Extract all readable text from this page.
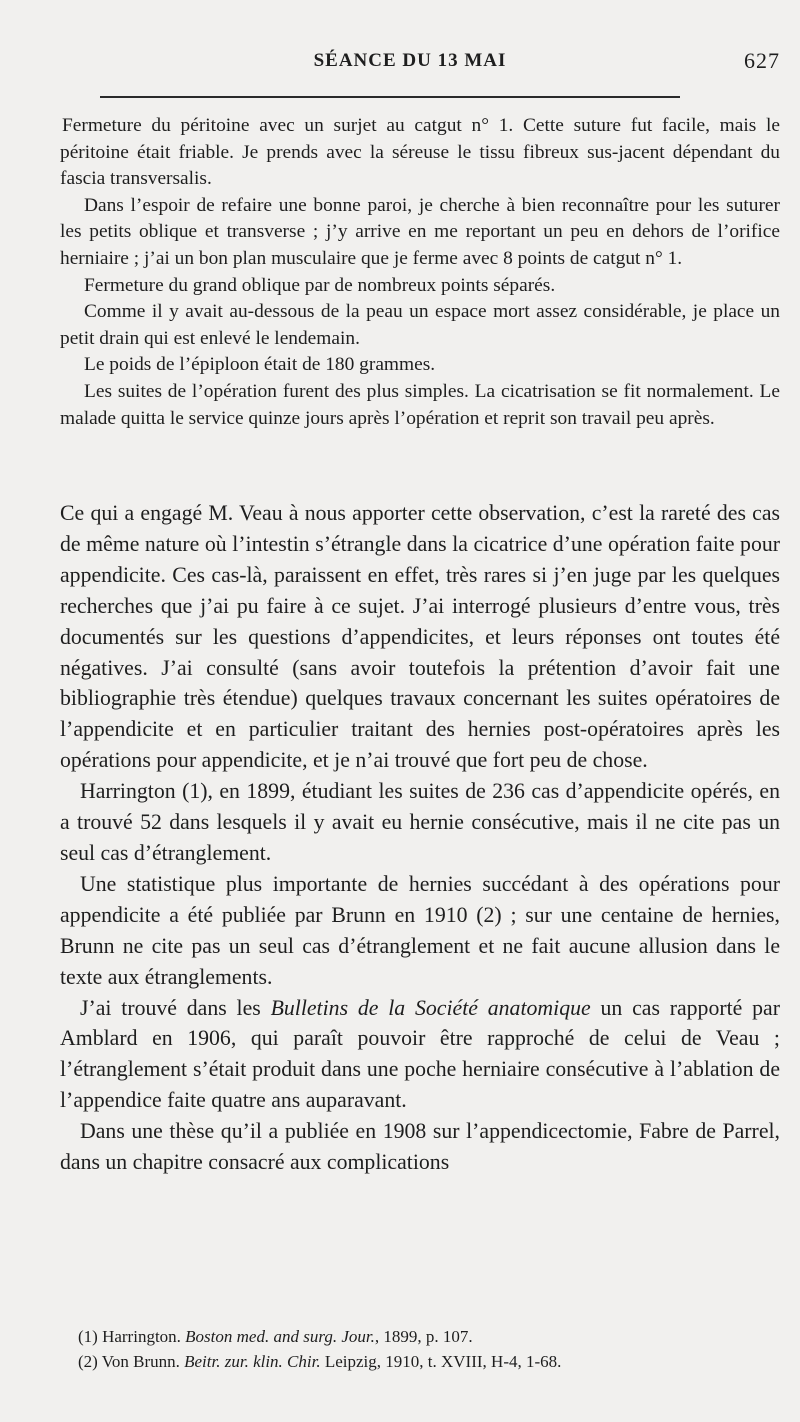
SÉANCE DU 13 MAI	627

Fermeture du péritoine avec un surjet au catgut n° 1. Cette suture fut facile, mais le péritoine était friable. Je prends avec la séreuse le tissu fibreux sus-jacent dépendant du fascia transversalis.

Dans l’espoir de refaire une bonne paroi, je cherche à bien reconnaître pour les suturer les petits oblique et transverse ; j’y arrive en me reportant un peu en dehors de l’orifice herniaire ; j’ai un bon plan musculaire que je ferme avec 8 points de catgut n° 1.

Fermeture du grand oblique par de nombreux points séparés.

Comme il y avait au-dessous de la peau un espace mort assez considérable, je place un petit drain qui est enlevé le lendemain.

Le poids de l’épiploon était de 180 grammes.

Les suites de l’opération furent des plus simples. La cicatrisation se fit normalement. Le malade quitta le service quinze jours après l’opération et reprit son travail peu après.

Ce qui a engagé M. Veau à nous apporter cette observation, c’est la rareté des cas de même nature où l’intestin s’étrangle dans la cicatrice d’une opération faite pour appendicite. Ces cas-là, paraissent en effet, très rares si j’en juge par les quelques recherches que j’ai pu faire à ce sujet. J’ai interrogé plusieurs d’entre vous, très documentés sur les questions d’appendicites, et leurs réponses ont toutes été négatives. J’ai consulté (sans avoir toutefois la prétention d’avoir fait une bibliographie très étendue) quelques travaux concernant les suites opératoires de l’appendicite et en particulier traitant des hernies post-opératoires après les opérations pour appendicite, et je n’ai trouvé que fort peu de chose.

Harrington (1), en 1899, étudiant les suites de 236 cas d’appendicite opérés, en a trouvé 52 dans lesquels il y avait eu hernie consécutive, mais il ne cite pas un seul cas d’étranglement.

Une statistique plus importante de hernies succédant à des opérations pour appendicite a été publiée par Brunn en 1910 (2) ; sur une centaine de hernies, Brunn ne cite pas un seul cas d’étranglement et ne fait aucune allusion dans le texte aux étranglements.

J’ai trouvé dans les Bulletins de la Société anatomique un cas rapporté par Amblard en 1906, qui paraît pouvoir être rapproché de celui de Veau ; l’étranglement s’était produit dans une poche herniaire consécutive à l’ablation de l’appendice faite quatre ans auparavant.

Dans une thèse qu’il a publiée en 1908 sur l’appendicectomie, Fabre de Parrel, dans un chapitre consacré aux complications

(1) Harrington. Boston med. and surg. Jour., 1899, p. 107.

(2) Von Brunn. Beitr. zur. klin. Chir. Leipzig, 1910, t. XVIII, H-4, 1-68.
